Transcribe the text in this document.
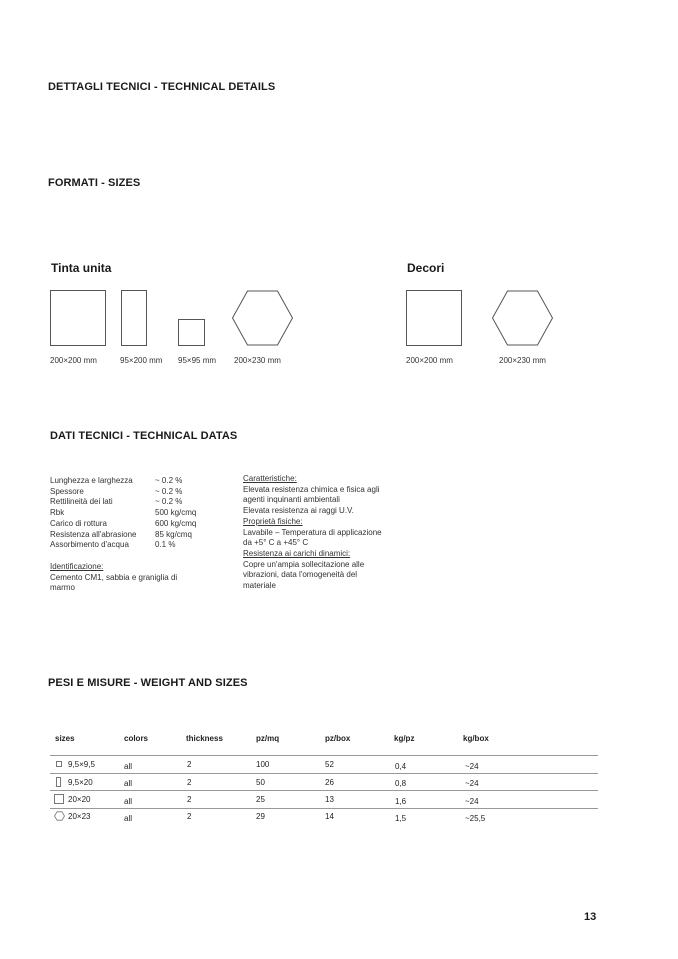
DETTAGLI TECNICI - TECHNICAL DETAILS
FORMATI - SIZES
Tinta unita	Decori
200×200 mm	95×200 mm 95×95 mm 200×230 mm	200×200 mm	200×230 mm
DATI TECNICI - TECHNICAL DATAS
Lunghezza e larghezza	~ 0.2 %
Spessore	~ 0.2 %
Rettilineità dei lati	~ 0.2 %
Rbk	500 kg/cmq
Carico di rottura	600 kg/cmq
Resistenza all'abrasione 85 kg/cmq
Assorbimento d'acqua	0.1 %
Identificazione:
Cemento CM1, sabbia e graniglia di
marmo
Caratteristiche:
Elevata resistenza chimica e fisica agli
agenti inquinanti ambientali
Elevata resistenza ai raggi U.V.
Proprietà fisiche:
Lavabile – Temperatura di applicazione
da +5° C a +45° C
Resistenza ai carichi dinamici:
Copre un'ampia sollecitazione alle
vibrazioni, data l'omogeneità del
materiale
PESI E MISURE - WEIGHT AND SIZES
sizes	colors	thickness	pz/mq	pz/box	kg/pz	kg/box
9,5×9,5	all	2	100	52	0,4	~24
9,5×20	all	2	50	26	0,8	~24
20×20	all	2	25	13	1,6	~24
20×23	all	2	29	14	1,5	~25,5
13
